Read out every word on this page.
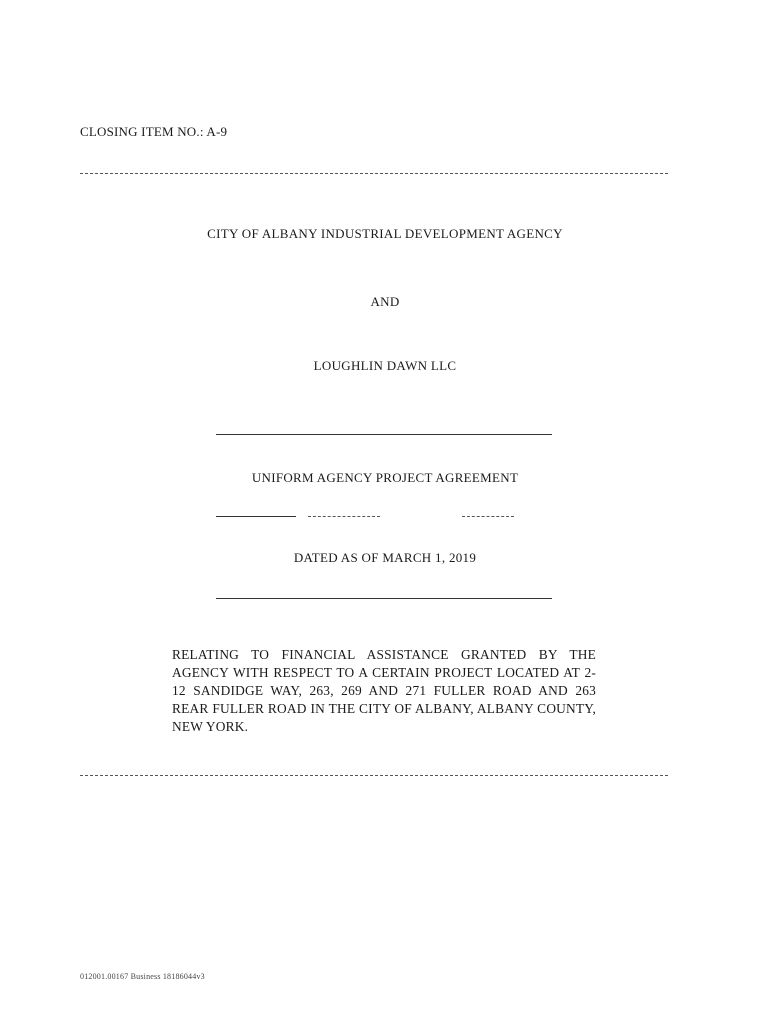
CLOSING ITEM NO.: A-9
CITY OF ALBANY INDUSTRIAL DEVELOPMENT AGENCY
AND
LOUGHLIN DAWN LLC
UNIFORM AGENCY PROJECT AGREEMENT
DATED AS OF MARCH 1, 2019
RELATING TO FINANCIAL ASSISTANCE GRANTED BY THE AGENCY WITH RESPECT TO A CERTAIN PROJECT LOCATED AT 2-12 SANDIDGE WAY, 263, 269 AND 271 FULLER ROAD AND 263 REAR FULLER ROAD IN THE CITY OF ALBANY, ALBANY COUNTY, NEW YORK.
012001.00167 Business 18186044v3
